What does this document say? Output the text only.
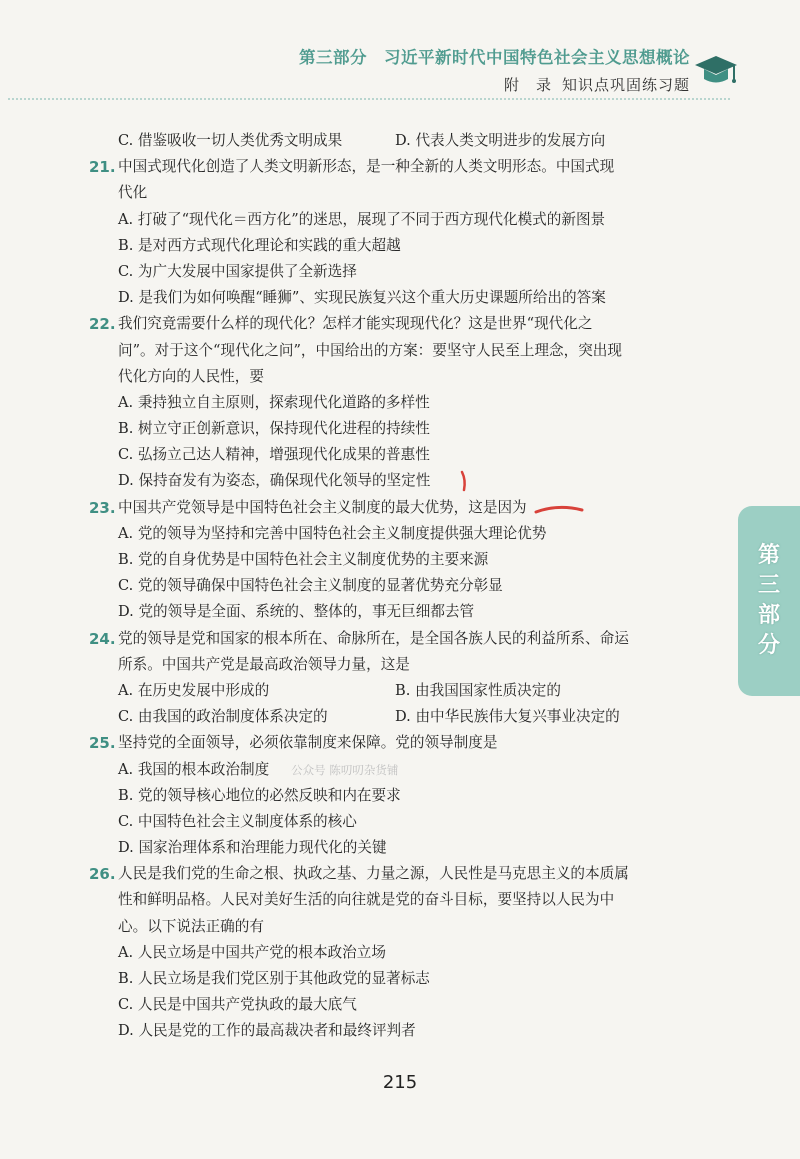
第三部分　习近平新时代中国特色社会主义思想概论
附　录 知识点巩固练习题
第
三
部
分
C. 借鉴吸收一切人类优秀文明成果	D. 代表人类文明进步的发展方向
21. 中国式现代化创造了人类文明新形态，是一种全新的人类文明形态。中国式现
代化
A. 打破了“现代化＝西方化”的迷思，展现了不同于西方现代化模式的新图景
B. 是对西方式现代化理论和实践的重大超越
C. 为广大发展中国家提供了全新选择
D. 是我们为如何唤醒“睡狮”、实现民族复兴这个重大历史课题所给出的答案
22. 我们究竟需要什么样的现代化？怎样才能实现现代化？这是世界“现代化之
问”。对于这个“现代化之问”，中国给出的方案：要坚守人民至上理念，突出现
代化方向的人民性，要
A. 秉持独立自主原则，探索现代化道路的多样性
B. 树立守正创新意识，保持现代化进程的持续性
C. 弘扬立己达人精神，增强现代化成果的普惠性
D. 保持奋发有为姿态，确保现代化领导的坚定性
23. 中国共产党领导是中国特色社会主义制度的最大优势，这是因为
A. 党的领导为坚持和完善中国特色社会主义制度提供强大理论优势
B. 党的自身优势是中国特色社会主义制度优势的主要来源
C. 党的领导确保中国特色社会主义制度的显著优势充分彰显
D. 党的领导是全面、系统的、整体的，事无巨细都去管
24. 党的领导是党和国家的根本所在、命脉所在，是全国各族人民的利益所系、命运
所系。中国共产党是最高政治领导力量，这是
A. 在历史发展中形成的	B. 由我国国家性质决定的
C. 由我国的政治制度体系决定的	D. 由中华民族伟大复兴事业决定的
25. 坚持党的全面领导，必须依靠制度来保障。党的领导制度是
A. 我国的根本政治制度 公众号 陈叨叨杂货铺
B. 党的领导核心地位的必然反映和内在要求
C. 中国特色社会主义制度体系的核心
D. 国家治理体系和治理能力现代化的关键
26. 人民是我们党的生命之根、执政之基、力量之源，人民性是马克思主义的本质属
性和鲜明品格。人民对美好生活的向往就是党的奋斗目标，要坚持以人民为中
心。以下说法正确的有
A. 人民立场是中国共产党的根本政治立场
B. 人民立场是我们党区别于其他政党的显著标志
C. 人民是中国共产党执政的最大底气
D. 人民是党的工作的最高裁决者和最终评判者
215
